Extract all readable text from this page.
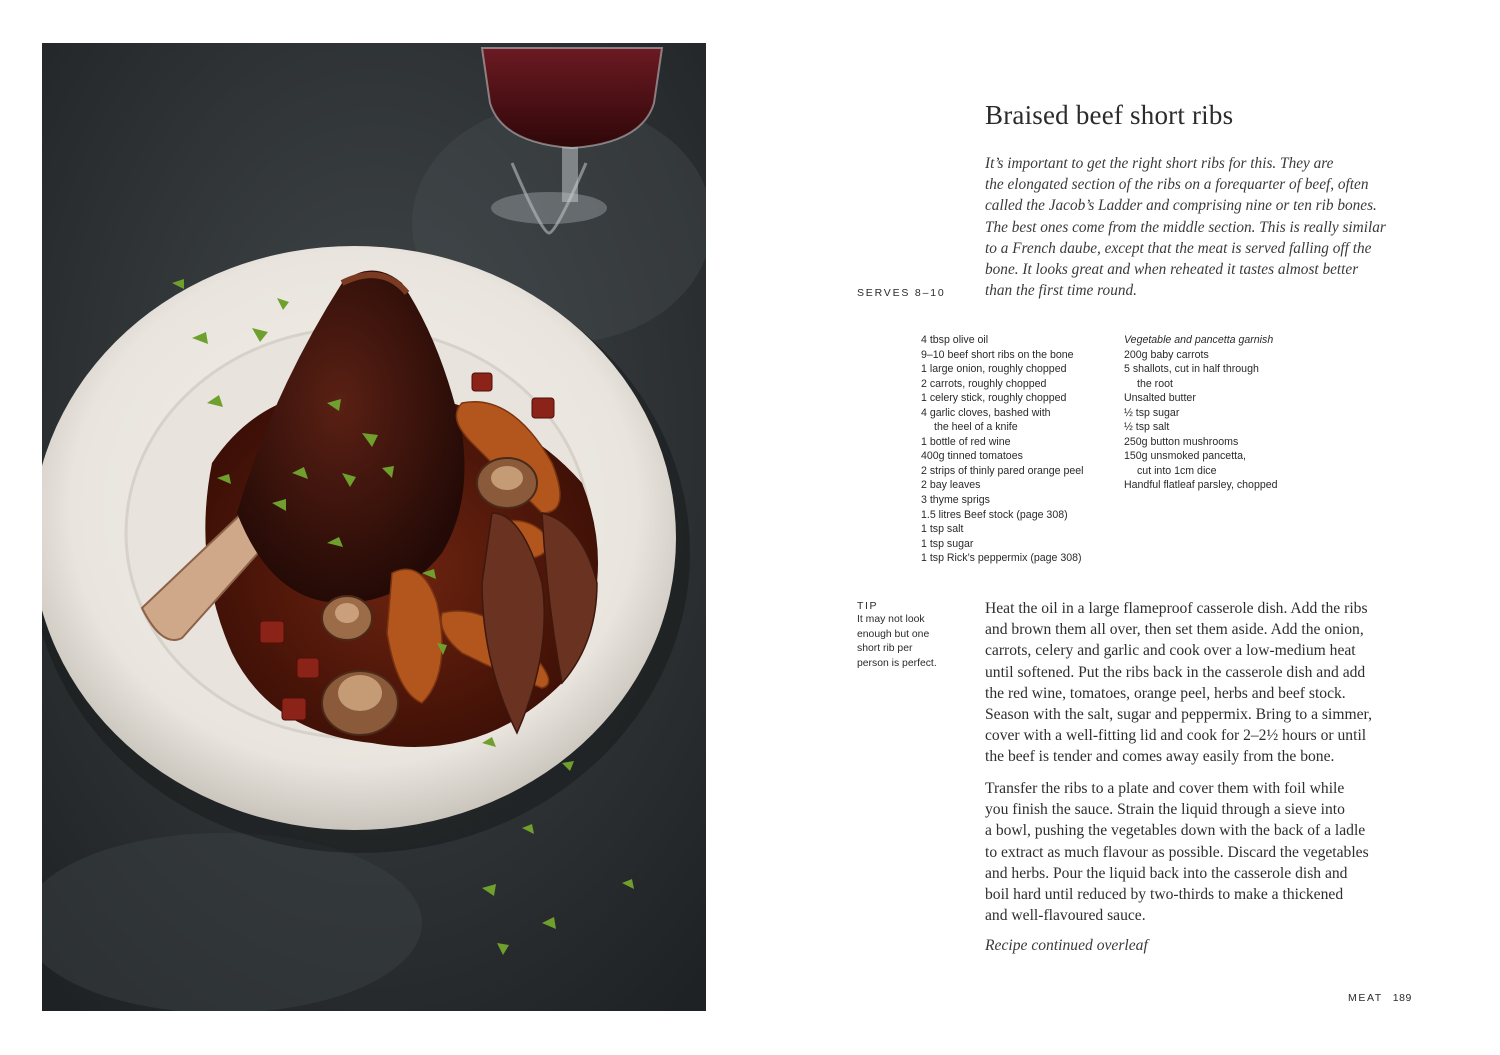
Braised beef short ribs
It’s important to get the right short ribs for this. They are
the elongated section of the ribs on a forequarter of beef, often
called the Jacob’s Ladder and comprising nine or ten rib bones.
The best ones come from the middle section. This is really similar
to a French daube, except that the meat is served falling off the
bone. It looks great and when reheated it tastes almost better
than the first time round.
SERVES 8–10
4 tbsp olive oil
9–10 beef short ribs on the bone
1 large onion, roughly chopped
2 carrots, roughly chopped
1 celery stick, roughly chopped
4 garlic cloves, bashed with
the heel of a knife
1 bottle of red wine
400g tinned tomatoes
2 strips of thinly pared orange peel
2 bay leaves
3 thyme sprigs
1.5 litres Beef stock (page 308)
1 tsp salt
1 tsp sugar
1 tsp Rick’s peppermix (page 308)
Vegetable and pancetta garnish
200g baby carrots
5 shallots, cut in half through
the root
Unsalted butter
½ tsp sugar
½ tsp salt
250g button mushrooms
150g unsmoked pancetta,
cut into 1cm dice
Handful flatleaf parsley, chopped
TIP
It may not look
enough but one
short rib per
person is perfect.
Heat the oil in a large flameproof casserole dish. Add the ribs
and brown them all over, then set them aside. Add the onion,
carrots, celery and garlic and cook over a low-medium heat
until softened. Put the ribs back in the casserole dish and add
the red wine, tomatoes, orange peel, herbs and beef stock.
Season with the salt, sugar and peppermix. Bring to a simmer,
cover with a well-fitting lid and cook for 2–2½ hours or until
the beef is tender and comes away easily from the bone.
Transfer the ribs to a plate and cover them with foil while
you finish the sauce. Strain the liquid through a sieve into
a bowl, pushing the vegetables down with the back of a ladle
to extract as much flavour as possible. Discard the vegetables
and herbs. Pour the liquid back into the casserole dish and
boil hard until reduced by two-thirds to make a thickened
and well-flavoured sauce.
Recipe continued overleaf
MEAT 189
